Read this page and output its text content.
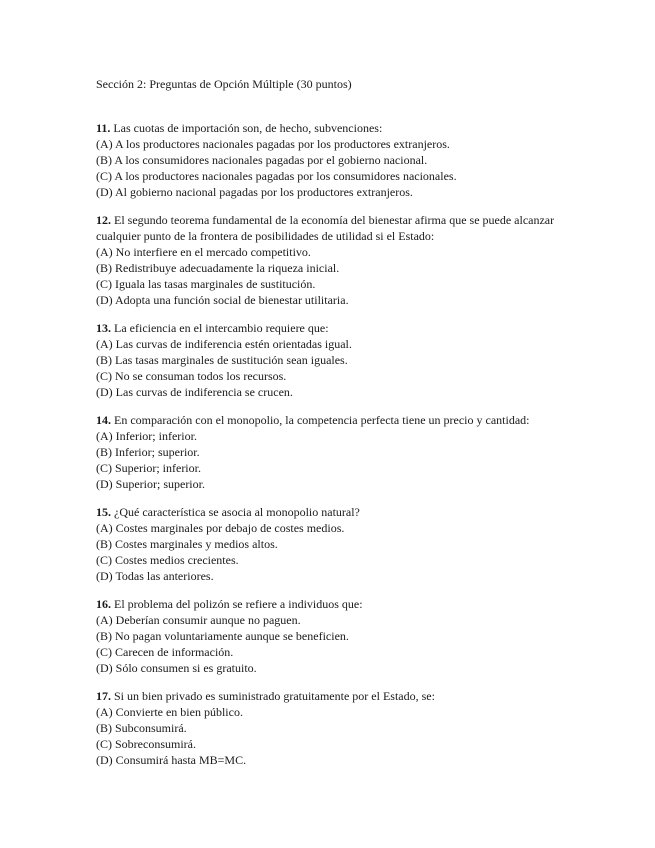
Sección 2: Preguntas de Opción Múltiple (30 puntos)

11. Las cuotas de importación son, de hecho, subvenciones:

(A) A los productores nacionales pagadas por los productores extranjeros.

(B) A los consumidores nacionales pagadas por el gobierno nacional.

(C) A los productores nacionales pagadas por los consumidores nacionales.

(D) Al gobierno nacional pagadas por los productores extranjeros.

12. El segundo teorema fundamental de la economía del bienestar afirma que se puede alcanzar cualquier punto de la frontera de posibilidades de utilidad si el Estado:

(A) No interfiere en el mercado competitivo.

(B) Redistribuye adecuadamente la riqueza inicial.

(C) Iguala las tasas marginales de sustitución.

(D) Adopta una función social de bienestar utilitaria.

13. La eficiencia en el intercambio requiere que:

(A) Las curvas de indiferencia estén orientadas igual.

(B) Las tasas marginales de sustitución sean iguales.

(C) No se consuman todos los recursos.

(D) Las curvas de indiferencia se crucen.

14. En comparación con el monopolio, la competencia perfecta tiene un precio y cantidad:

(A) Inferior; inferior.

(B) Inferior; superior.

(C) Superior; inferior.

(D) Superior; superior.

15. ¿Qué característica se asocia al monopolio natural?

(A) Costes marginales por debajo de costes medios.

(B) Costes marginales y medios altos.

(C) Costes medios crecientes.

(D) Todas las anteriores.

16. El problema del polizón se refiere a individuos que:

(A) Deberían consumir aunque no paguen.

(B) No pagan voluntariamente aunque se beneficien.

(C) Carecen de información.

(D) Sólo consumen si es gratuito.

17. Si un bien privado es suministrado gratuitamente por el Estado, se:

(A) Convierte en bien público.

(B) Subconsumirá.

(C) Sobreconsumirá.

(D) Consumirá hasta MB=MC.
